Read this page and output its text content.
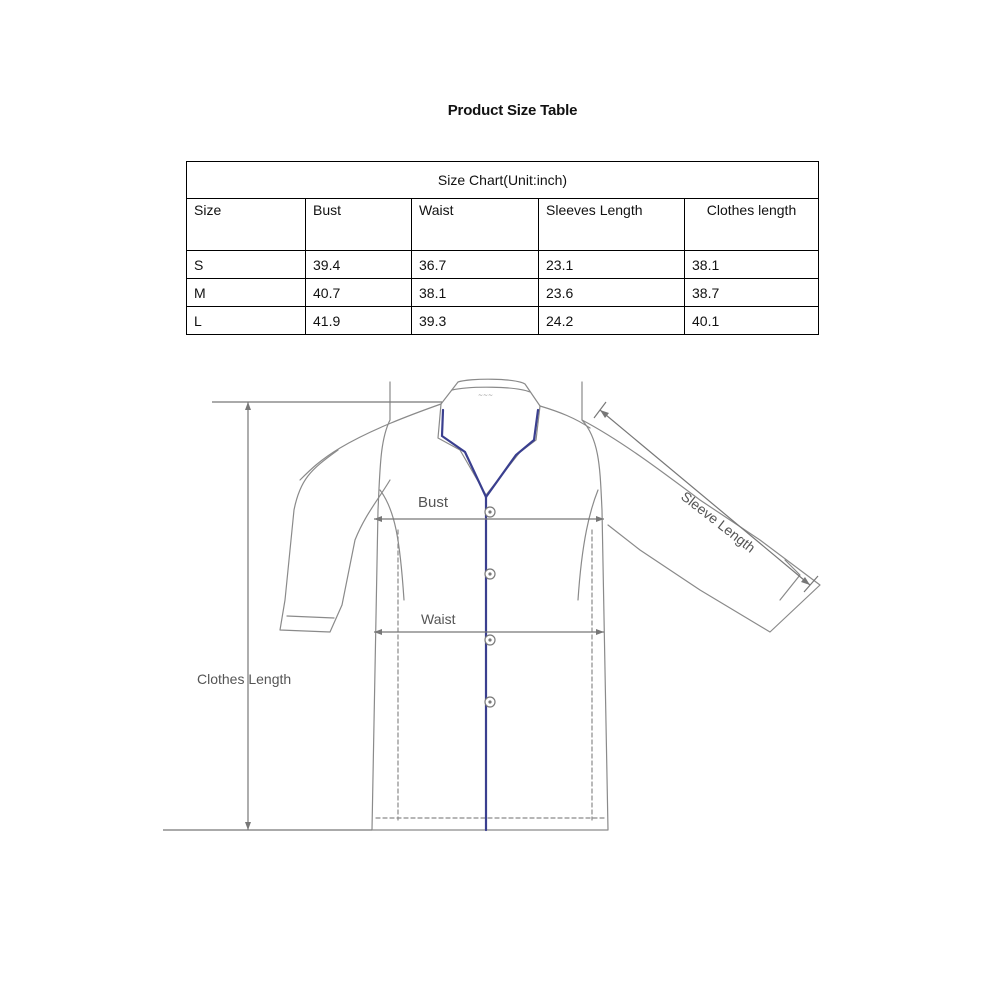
Product Size Table
Size Chart(Unit:inch)				
Size	Bust	Waist	Sleeves Length	Clothes length
S	39.4	36.7	23.1	38.1
M	40.7	38.1	23.6	38.7
L	41.9	39.3	24.2	40.1
~~~
Bust
Waist
Clothes Length
Sleeve Length
